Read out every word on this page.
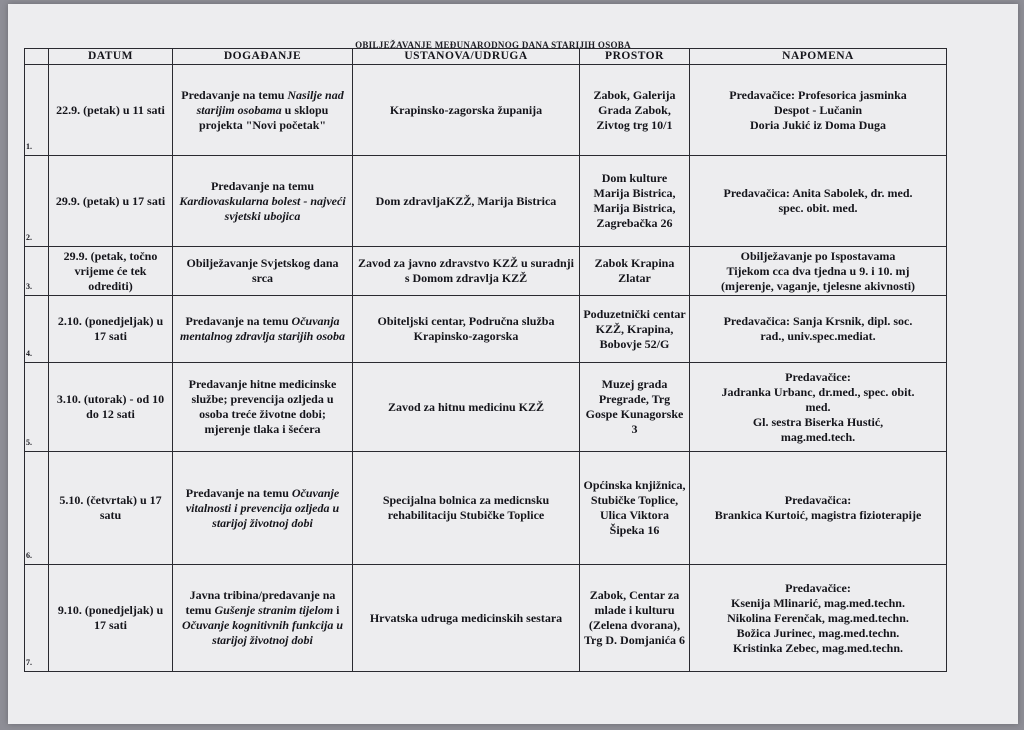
OBILJEŽAVANJE MEĐUNARODNOG DANA STARIJIH OSOBA
	DATUM	DOGAĐANJE	USTANOVA/UDRUGA	PROSTOR	NAPOMENA

1.	22.9. (petak) u 11 sati	Predavanje na temu Nasilje nad starijim osobama u sklopu projekta "Novi početak"	Krapinsko-zagorska županija	Zabok, Galerija Grada Zabok, Zivtog trg 10/1	Predavačice: Profesorica jasminka
Despot - Lučanin
Doria Jukić iz Doma Duga

2.	29.9. (petak) u 17 sati	Predavanje na temu Kardiovaskularna bolest - najveći svjetski ubojica	Dom zdravljaKZŽ, Marija Bistrica	Dom kulture Marija Bistrica, Marija Bistrica, Zagrebačka 26	Predavačica: Anita Sabolek, dr. med.
spec. obit. med.

3.	29.9. (petak, točno vrijeme će tek odrediti)	Obilježavanje Svjetskog dana srca	Zavod za javno zdravstvo KZŽ u suradnji s Domom zdravlja KZŽ	Zabok Krapina Zlatar	Obilježavanje po Ispostavama
Tijekom cca dva tjedna u 9. i 10. mj
(mjerenje, vaganje, tjelesne akivnosti)

4.	2.10. (ponedjeljak) u 17 sati	Predavanje na temu Očuvanja mentalnog zdravlja starijih osoba	Obiteljski centar, Područna služba Krapinsko-zagorska	Poduzetnički centar KZŽ, Krapina, Bobovje 52/G	Predavačica: Sanja Krsnik, dipl. soc.
rad., univ.spec.mediat.

5.	3.10. (utorak) - od 10 do 12 sati	Predavanje hitne medicinske službe; prevencija ozljeda u osoba treće životne dobi; mjerenje tlaka i šećera	Zavod za hitnu medicinu KZŽ	Muzej grada Pregrade, Trg Gospe Kunagorske 3	Predavačice:
Jadranka Urbanc, dr.med., spec. obit.
med.
Gl. sestra Biserka Hustić,
mag.med.tech.

6.	5.10. (četvrtak) u 17 satu	Predavanje na temu Očuvanje vitalnosti i prevencija ozljeda u starijoj životnoj dobi	Specijalna bolnica za medicnsku rehabilitaciju Stubičke Toplice	Općinska knjižnica, Stubičke Toplice, Ulica Viktora Šipeka 16	Predavačica:
Brankica Kurtoić, magistra fizioterapije

7.	9.10. (ponedjeljak) u 17 sati	Javna tribina/predavanje na temu Gušenje stranim tijelom i Očuvanje kognitivnih funkcija u starijoj životnoj dobi	Hrvatska udruga medicinskih sestara	Zabok, Centar za mlade i kulturu (Zelena dvorana), Trg D. Domjanića 6	Predavačice:
Ksenija Mlinarić, mag.med.techn.
Nikolina Ferenčak, mag.med.techn.
Božica Jurinec, mag.med.techn.
Kristinka Zebec, mag.med.techn.
